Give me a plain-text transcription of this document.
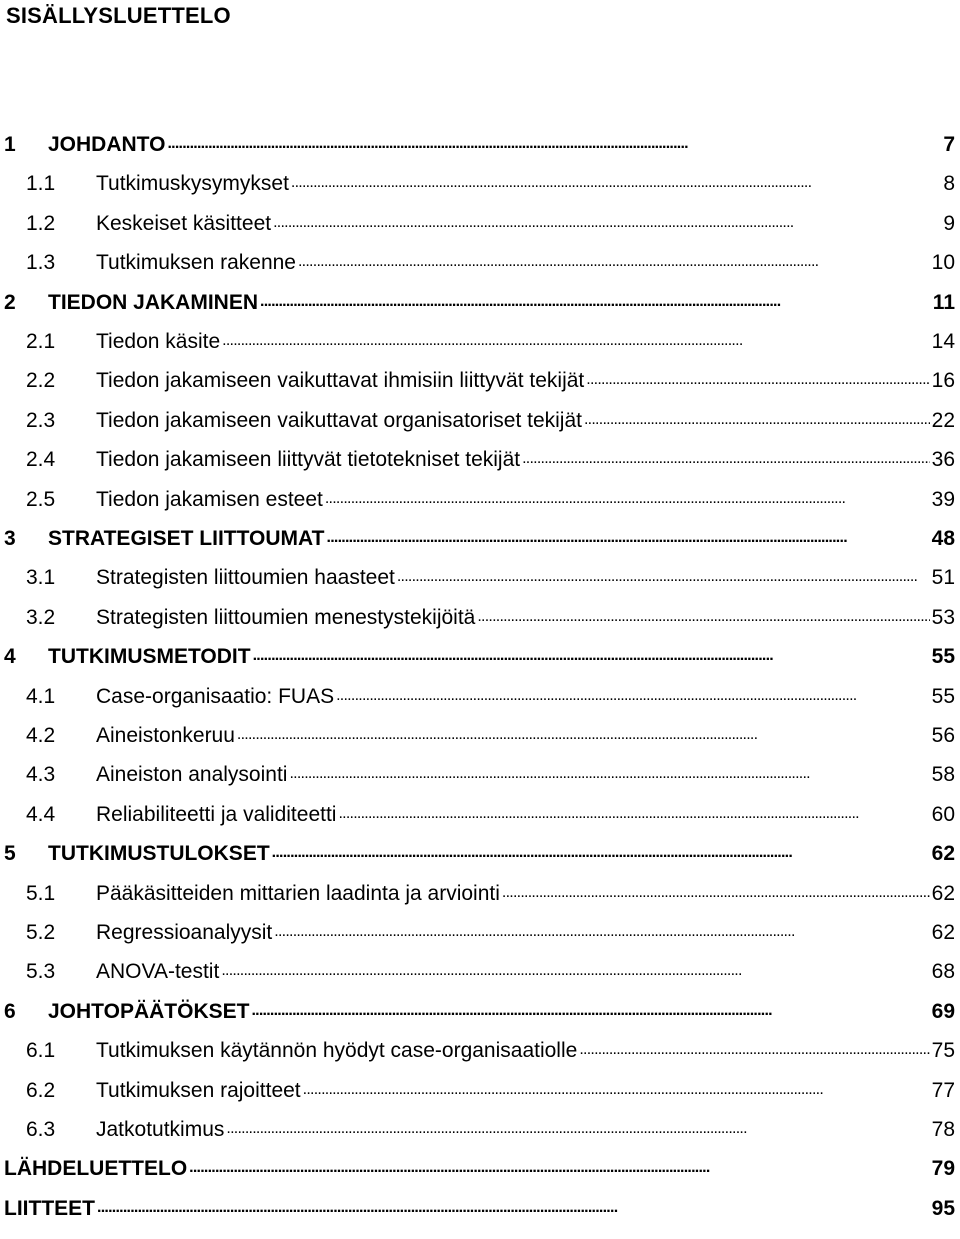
SISÄLLYSLUETTELO
1	JOHDANTO . . .	7
1.1	Tutkimuskysymykset . . .	8
1.2	Keskeiset käsitteet . . .	9
1.3	Tutkimuksen rakenne . . .	10
2	TIEDON JAKAMINEN . . .	11
2.1	Tiedon käsite . . .	14
2.2	Tiedon jakamiseen vaikuttavat ihmisiin liittyvät tekijät . . .	16
2.3	Tiedon jakamiseen vaikuttavat organisatoriset tekijät . . .	22
2.4	Tiedon jakamiseen liittyvät tietotekniset tekijät . . .	36
2.5	Tiedon jakamisen esteet . . .	39
3	STRATEGISET LIITTOUMAT . . .	48
3.1	Strategisten liittoumien haasteet . . .	51
3.2	Strategisten liittoumien menestystekijöitä . . .	53
4	TUTKIMUSMETODIT . . .	55
4.1	Case-organisaatio: FUAS . . .	55
4.2	Aineistonkeruu . . .	56
4.3	Aineiston analysointi . . .	58
4.4	Reliabiliteetti ja validiteetti . . .	60
5	TUTKIMUSTULOKSET . . .	62
5.1	Pääkäsitteiden mittarien laadinta ja arviointi . . .	62
5.2	Regressioanalyysit . . .	62
5.3	ANOVA-testit . . .	68
6	JOHTOPÄÄTÖKSET . . .	69
6.1	Tutkimuksen käytännön hyödyt case-organisaatiolle . . .	75
6.2	Tutkimuksen rajoitteet . . .	77
6.3	Jatkotutkimus . . .	78
LÄHDELUETTELO . . .	79
LIITTEET . . .	95
